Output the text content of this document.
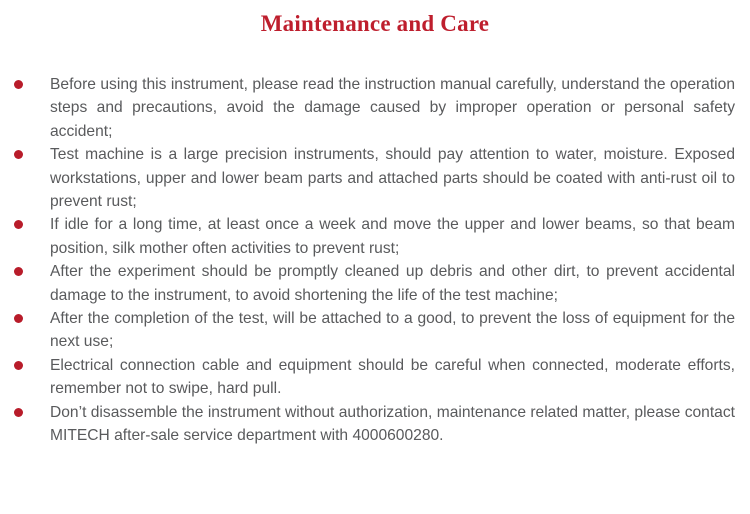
Maintenance and Care
Before using this instrument, please read the instruction manual carefully, understand the operation steps and precautions, avoid the damage caused by improper operation or personal safety accident;
Test machine is a large precision instruments, should pay attention to water, moisture. Exposed workstations, upper and lower beam parts and attached parts should be coated with anti-rust oil to prevent rust;
If idle for a long time, at least once a week and move the upper and lower beams, so that beam position, silk mother often activities to prevent rust;
After the experiment should be promptly cleaned up debris and other dirt, to prevent accidental damage to the instrument, to avoid shortening the life of the test machine;
After the completion of the test, will be attached to a good, to prevent the loss of equipment for the next use;
Electrical connection cable and equipment should be careful when connected, moderate efforts, remember not to swipe, hard pull.
Don’t disassemble the instrument without authorization, maintenance related matter, please contact MITECH after-sale service department with 4000600280.
